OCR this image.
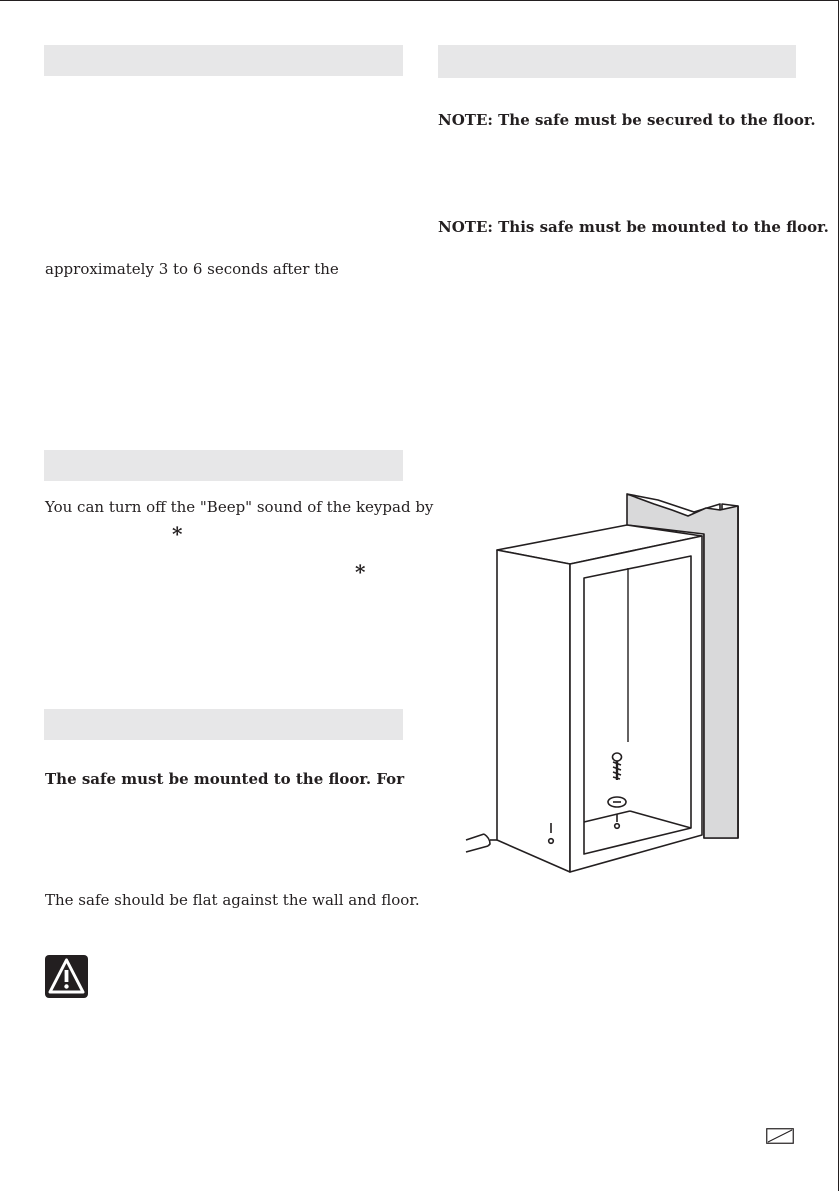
approximately 3 to 6 seconds after the
You can turn off the "Beep" sound of the keypad by
*
*
The safe must be mounted to the floor. For
The safe should be flat against the wall and floor.
NOTE: The safe must be secured to the floor.
NOTE: This safe must be mounted to the floor.
